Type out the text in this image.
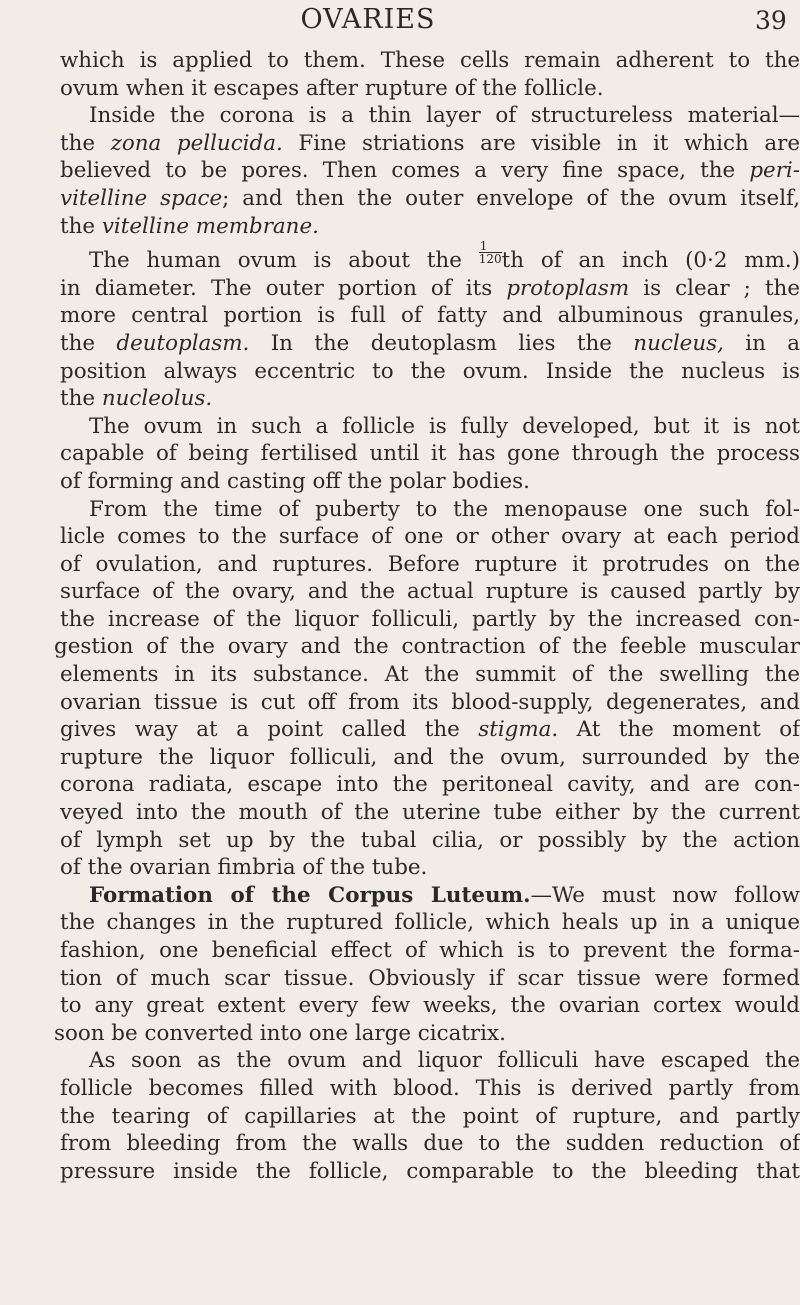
OVARIES	39
which is applied to them. These cells remain adherent to the
ovum when it escapes after rupture of the follicle.
Inside the corona is a thin layer of structureless material—
the zona pellucida. Fine striations are visible in it which are
believed to be pores. Then comes a very fine space, the peri-
vitelline space; and then the outer envelope of the ovum itself,
the vitelline membrane.
The human ovum is about the $\frac{1}{120}$ th of an inch (0·2 mm.)
in diameter. The outer portion of its protoplasm is clear ; the
more central portion is full of fatty and albuminous granules,
the deutoplasm. In the deutoplasm lies the nucleus, in a
position always eccentric to the ovum. Inside the nucleus is
the nucleolus.
The ovum in such a follicle is fully developed, but it is not
capable of being fertilised until it has gone through the process
of forming and casting off the polar bodies.
From the time of puberty to the menopause one such fol-
licle comes to the surface of one or other ovary at each period
of ovulation, and ruptures. Before rupture it protrudes on the
surface of the ovary, and the actual rupture is caused partly by
the increase of the liquor folliculi, partly by the increased con-
gestion of the ovary and the contraction of the feeble muscular
elements in its substance. At the summit of the swelling the
ovarian tissue is cut off from its blood-supply, degenerates, and
gives way at a point called the stigma. At the moment of
rupture the liquor folliculi, and the ovum, surrounded by the
corona radiata, escape into the peritoneal cavity, and are con-
veyed into the mouth of the uterine tube either by the current
of lymph set up by the tubal cilia, or possibly by the action
of the ovarian fimbria of the tube.
Formation of the Corpus Luteum.—We must now follow
the changes in the ruptured follicle, which heals up in a unique
fashion, one beneficial effect of which is to prevent the forma-
tion of much scar tissue. Obviously if scar tissue were formed
to any great extent every few weeks, the ovarian cortex would
soon be converted into one large cicatrix.
As soon as the ovum and liquor folliculi have escaped the
follicle becomes filled with blood. This is derived partly from
the tearing of capillaries at the point of rupture, and partly
from bleeding from the walls due to the sudden reduction of
pressure inside the follicle, comparable to the bleeding that
